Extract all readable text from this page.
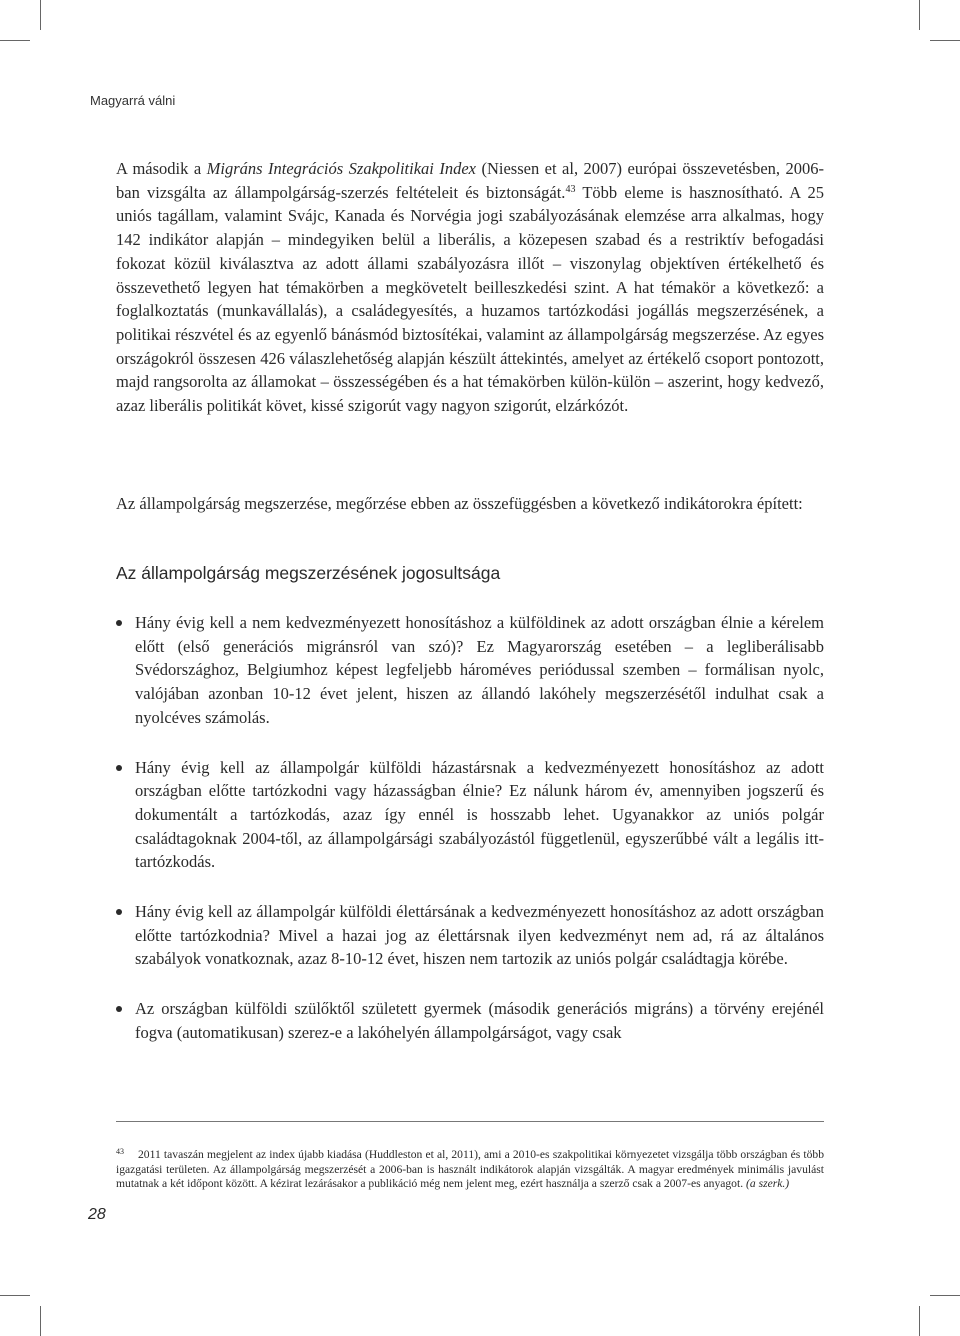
Magyarrá válni

A második a Migráns Integrációs Szakpolitikai Index (Niessen et al, 2007) európai összevetésben, 2006-ban vizsgálta az állampolgárság-szerzés feltételeit és biztonságát.$^{43}$ Több eleme is hasznosítható. A 25 uniós tagállam, valamint Svájc, Kanada és Norvégia jogi szabályozásának elemzése arra alkalmas, hogy 142 indikátor alapján – mindegyiken belül a liberális, a közepesen szabad és a restriktív befogadási fokozat közül kiválasztva az adott állami szabályozásra illőt – viszonylag objektíven értékelhető és összevethető legyen hat témakörben a megkövetelt beilleszkedési szint. A hat témakör a következő: a foglalkoztatás (munkavállalás), a családegyesítés, a huzamos tartózkodási jogállás megszerzésének, a politikai részvétel és az egyenlő bánásmód biztosítékai, valamint az állampolgárság megszerzése. Az egyes országokról összesen 426 válaszlehetőség alapján készült áttekintés, amelyet az értékelő csoport pontozott, majd rangsorolta az államokat – összességében és a hat témakörben külön-külön – aszerint, hogy kedvező, azaz liberális politikát követ, kissé szigorút vagy nagyon szigorút, elzárkózót.

Az állampolgárság megszerzése, megőrzése ebben az összefüggésben a következő indikátorokra épített:

Az állampolgárság megszerzésének jogosultsága
Hány évig kell a nem kedvezményezett honosításhoz a külföldinek az adott országban élnie a kérelem előtt (első generációs migránsról van szó)? Ez Magyarország esetében – a legliberálisabb Svédországhoz, Belgiumhoz képest legfeljebb hároméves periódussal szemben – formálisan nyolc, valójában azonban 10-12 évet jelent, hiszen az állandó lakóhely megszerzésétől indulhat csak a nyolcéves számolás.
Hány évig kell az állampolgár külföldi házastársnak a kedvezményezett honosításhoz az adott országban előtte tartózkodni vagy házasságban élnie? Ez nálunk három év, amennyiben jogszerű és dokumentált a tartózkodás, azaz így ennél is hosszabb lehet. Ugyanakkor az uniós polgár családtagoknak 2004-től, az állampolgársági szabályozástól függetlenül, egyszerűbbé vált a legális itt-tartózkodás.
Hány évig kell az állampolgár külföldi élettársának a kedvezményezett honosításhoz az adott országban előtte tartózkodnia? Mivel a hazai jog az élettársnak ilyen kedvezményt nem ad, rá az általános szabályok vonatkoznak, azaz 8-10-12 évet, hiszen nem tartozik az uniós polgár családtagja körébe.
Az országban külföldi szülőktől született gyermek (második generációs migráns) a törvény erejénél fogva (automatikusan) szerez-e a lakóhelyén állampolgárságot, vagy csak

$^{43}$ 2011 tavaszán megjelent az index újabb kiadása (Huddleston et al, 2011), ami a 2010-es szakpolitikai környezetet vizsgálja több országban és több igazgatási területen. Az állampolgárság megszerzését a 2006-ban is használt indikátorok alapján vizsgálták. A magyar eredmények minimális javulást mutatnak a két időpont között. A kézirat lezárásakor a publikáció még nem jelent meg, ezért használja a szerző csak a 2007-es anyagot. (a szerk.)

28
